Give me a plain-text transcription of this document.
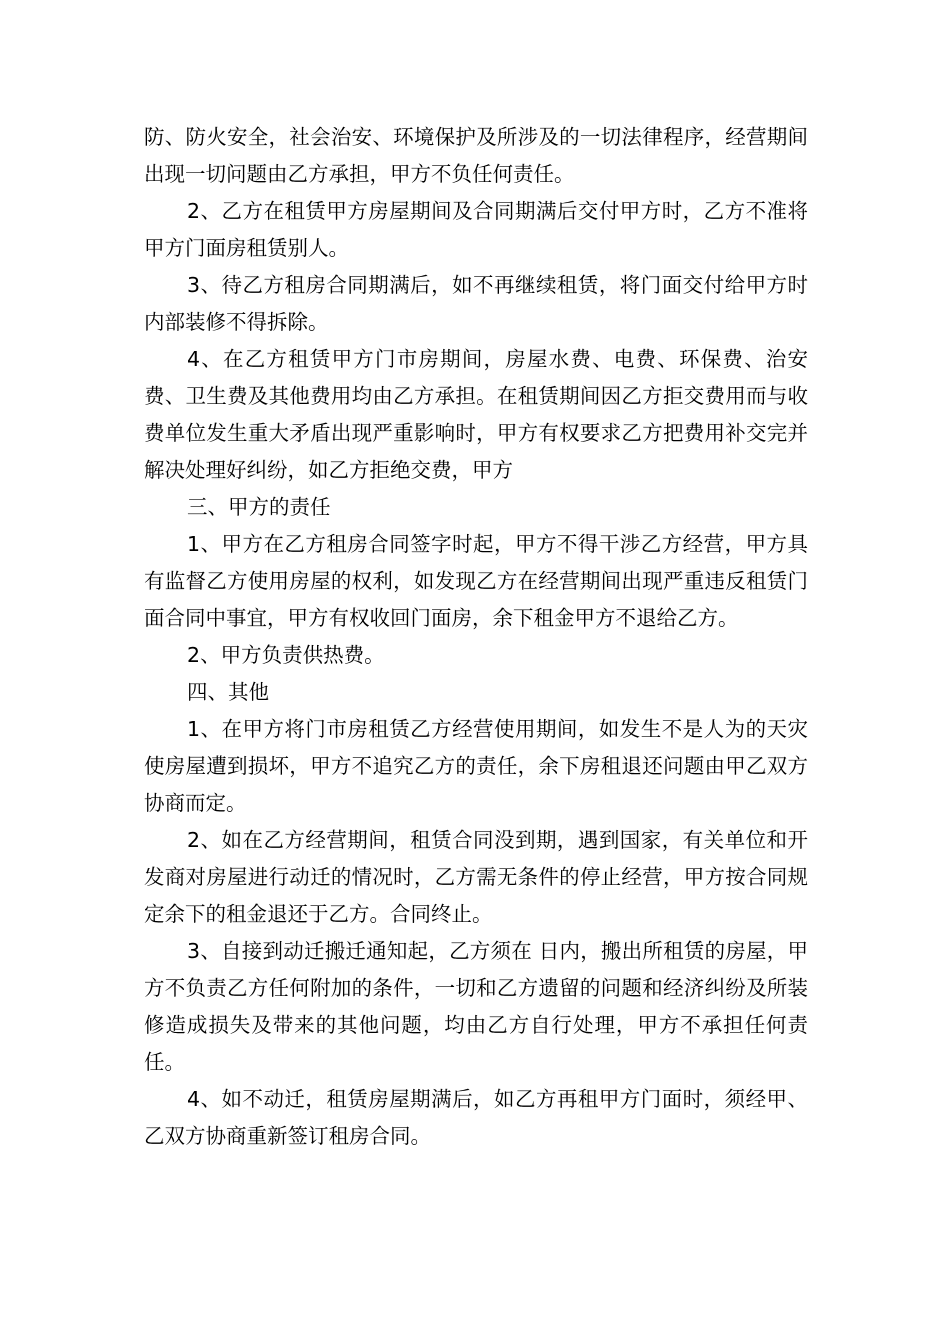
防、防火安全，社会治安、环境保护及所涉及的一切法律程序，经营期间出现一切问题由乙方承担，甲方不负任何责任。

2、乙方在租赁甲方房屋期间及合同期满后交付甲方时，乙方不准将甲方门面房租赁别人。

3、待乙方租房合同期满后，如不再继续租赁，将门面交付给甲方时内部装修不得拆除。

4、在乙方租赁甲方门市房期间，房屋水费、电费、环保费、治安费、卫生费及其他费用均由乙方承担。在租赁期间因乙方拒交费用而与收费单位发生重大矛盾出现严重影响时，甲方有权要求乙方把费用补交完并解决处理好纠纷，如乙方拒绝交费，甲方

三、甲方的责任

1、甲方在乙方租房合同签字时起，甲方不得干涉乙方经营，甲方具有监督乙方使用房屋的权利，如发现乙方在经营期间出现严重违反租赁门面合同中事宜，甲方有权收回门面房，余下租金甲方不退给乙方。

2、甲方负责供热费。

四、其他

1、在甲方将门市房租赁乙方经营使用期间，如发生不是人为的天灾使房屋遭到损坏，甲方不追究乙方的责任，余下房租退还问题由甲乙双方协商而定。

2、如在乙方经营期间，租赁合同没到期，遇到国家，有关单位和开发商对房屋进行动迁的情况时，乙方需无条件的停止经营，甲方按合同规定余下的租金退还于乙方。合同终止。

3、自接到动迁搬迁通知起，乙方须在 日内，搬出所租赁的房屋，甲方不负责乙方任何附加的条件，一切和乙方遗留的问题和经济纠纷及所装修造成损失及带来的其他问题，均由乙方自行处理，甲方不承担任何责任。

4、如不动迁，租赁房屋期满后，如乙方再租甲方门面时，须经甲、乙双方协商重新签订租房合同。
